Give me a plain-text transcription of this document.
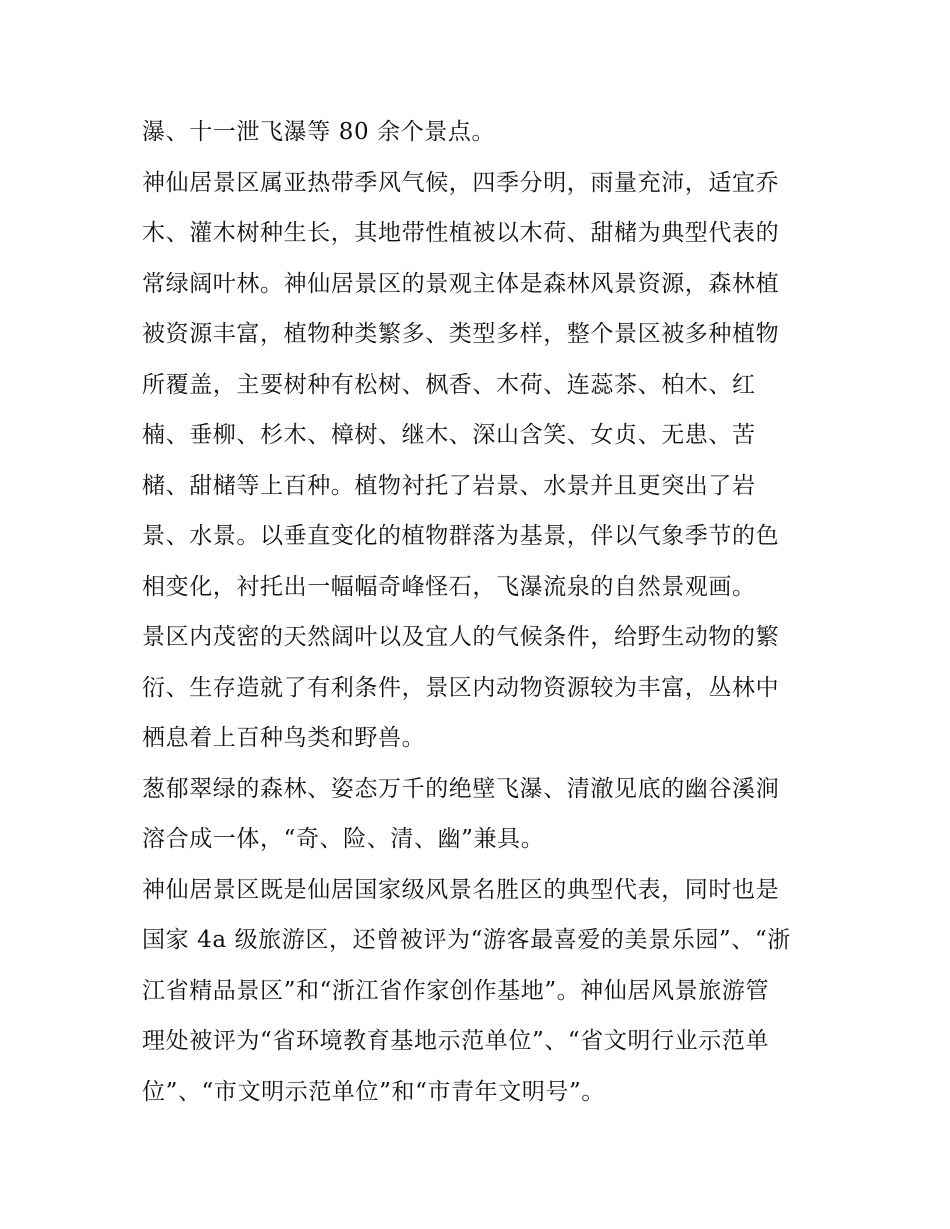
瀑、十一泄飞瀑等 80 余个景点。
神仙居景区属亚热带季风气候，四季分明，雨量充沛，适宜乔
木、灌木树种生长，其地带性植被以木荷、甜槠为典型代表的
常绿阔叶林。神仙居景区的景观主体是森林风景资源，森林植
被资源丰富，植物种类繁多、类型多样，整个景区被多种植物
所覆盖，主要树种有松树、枫香、木荷、连蕊茶、柏木、红
楠、垂柳、杉木、樟树、继木、深山含笑、女贞、无患、苦
槠、甜槠等上百种。植物衬托了岩景、水景并且更突出了岩
景、水景。以垂直变化的植物群落为基景，伴以气象季节的色
相变化，衬托出一幅幅奇峰怪石，飞瀑流泉的自然景观画。
景区内茂密的天然阔叶以及宜人的气候条件，给野生动物的繁
衍、生存造就了有利条件，景区内动物资源较为丰富，丛林中
栖息着上百种鸟类和野兽。
葱郁翠绿的森林、姿态万千的绝壁飞瀑、清澈见底的幽谷溪涧
溶合成一体，“奇、险、清、幽”兼具。
神仙居景区既是仙居国家级风景名胜区的典型代表，同时也是
国家 4a 级旅游区，还曾被评为“游客最喜爱的美景乐园”、“浙
江省精品景区”和“浙江省作家创作基地”。神仙居风景旅游管
理处被评为“省环境教育基地示范单位”、“省文明行业示范单
位”、“市文明示范单位”和“市青年文明号”。
